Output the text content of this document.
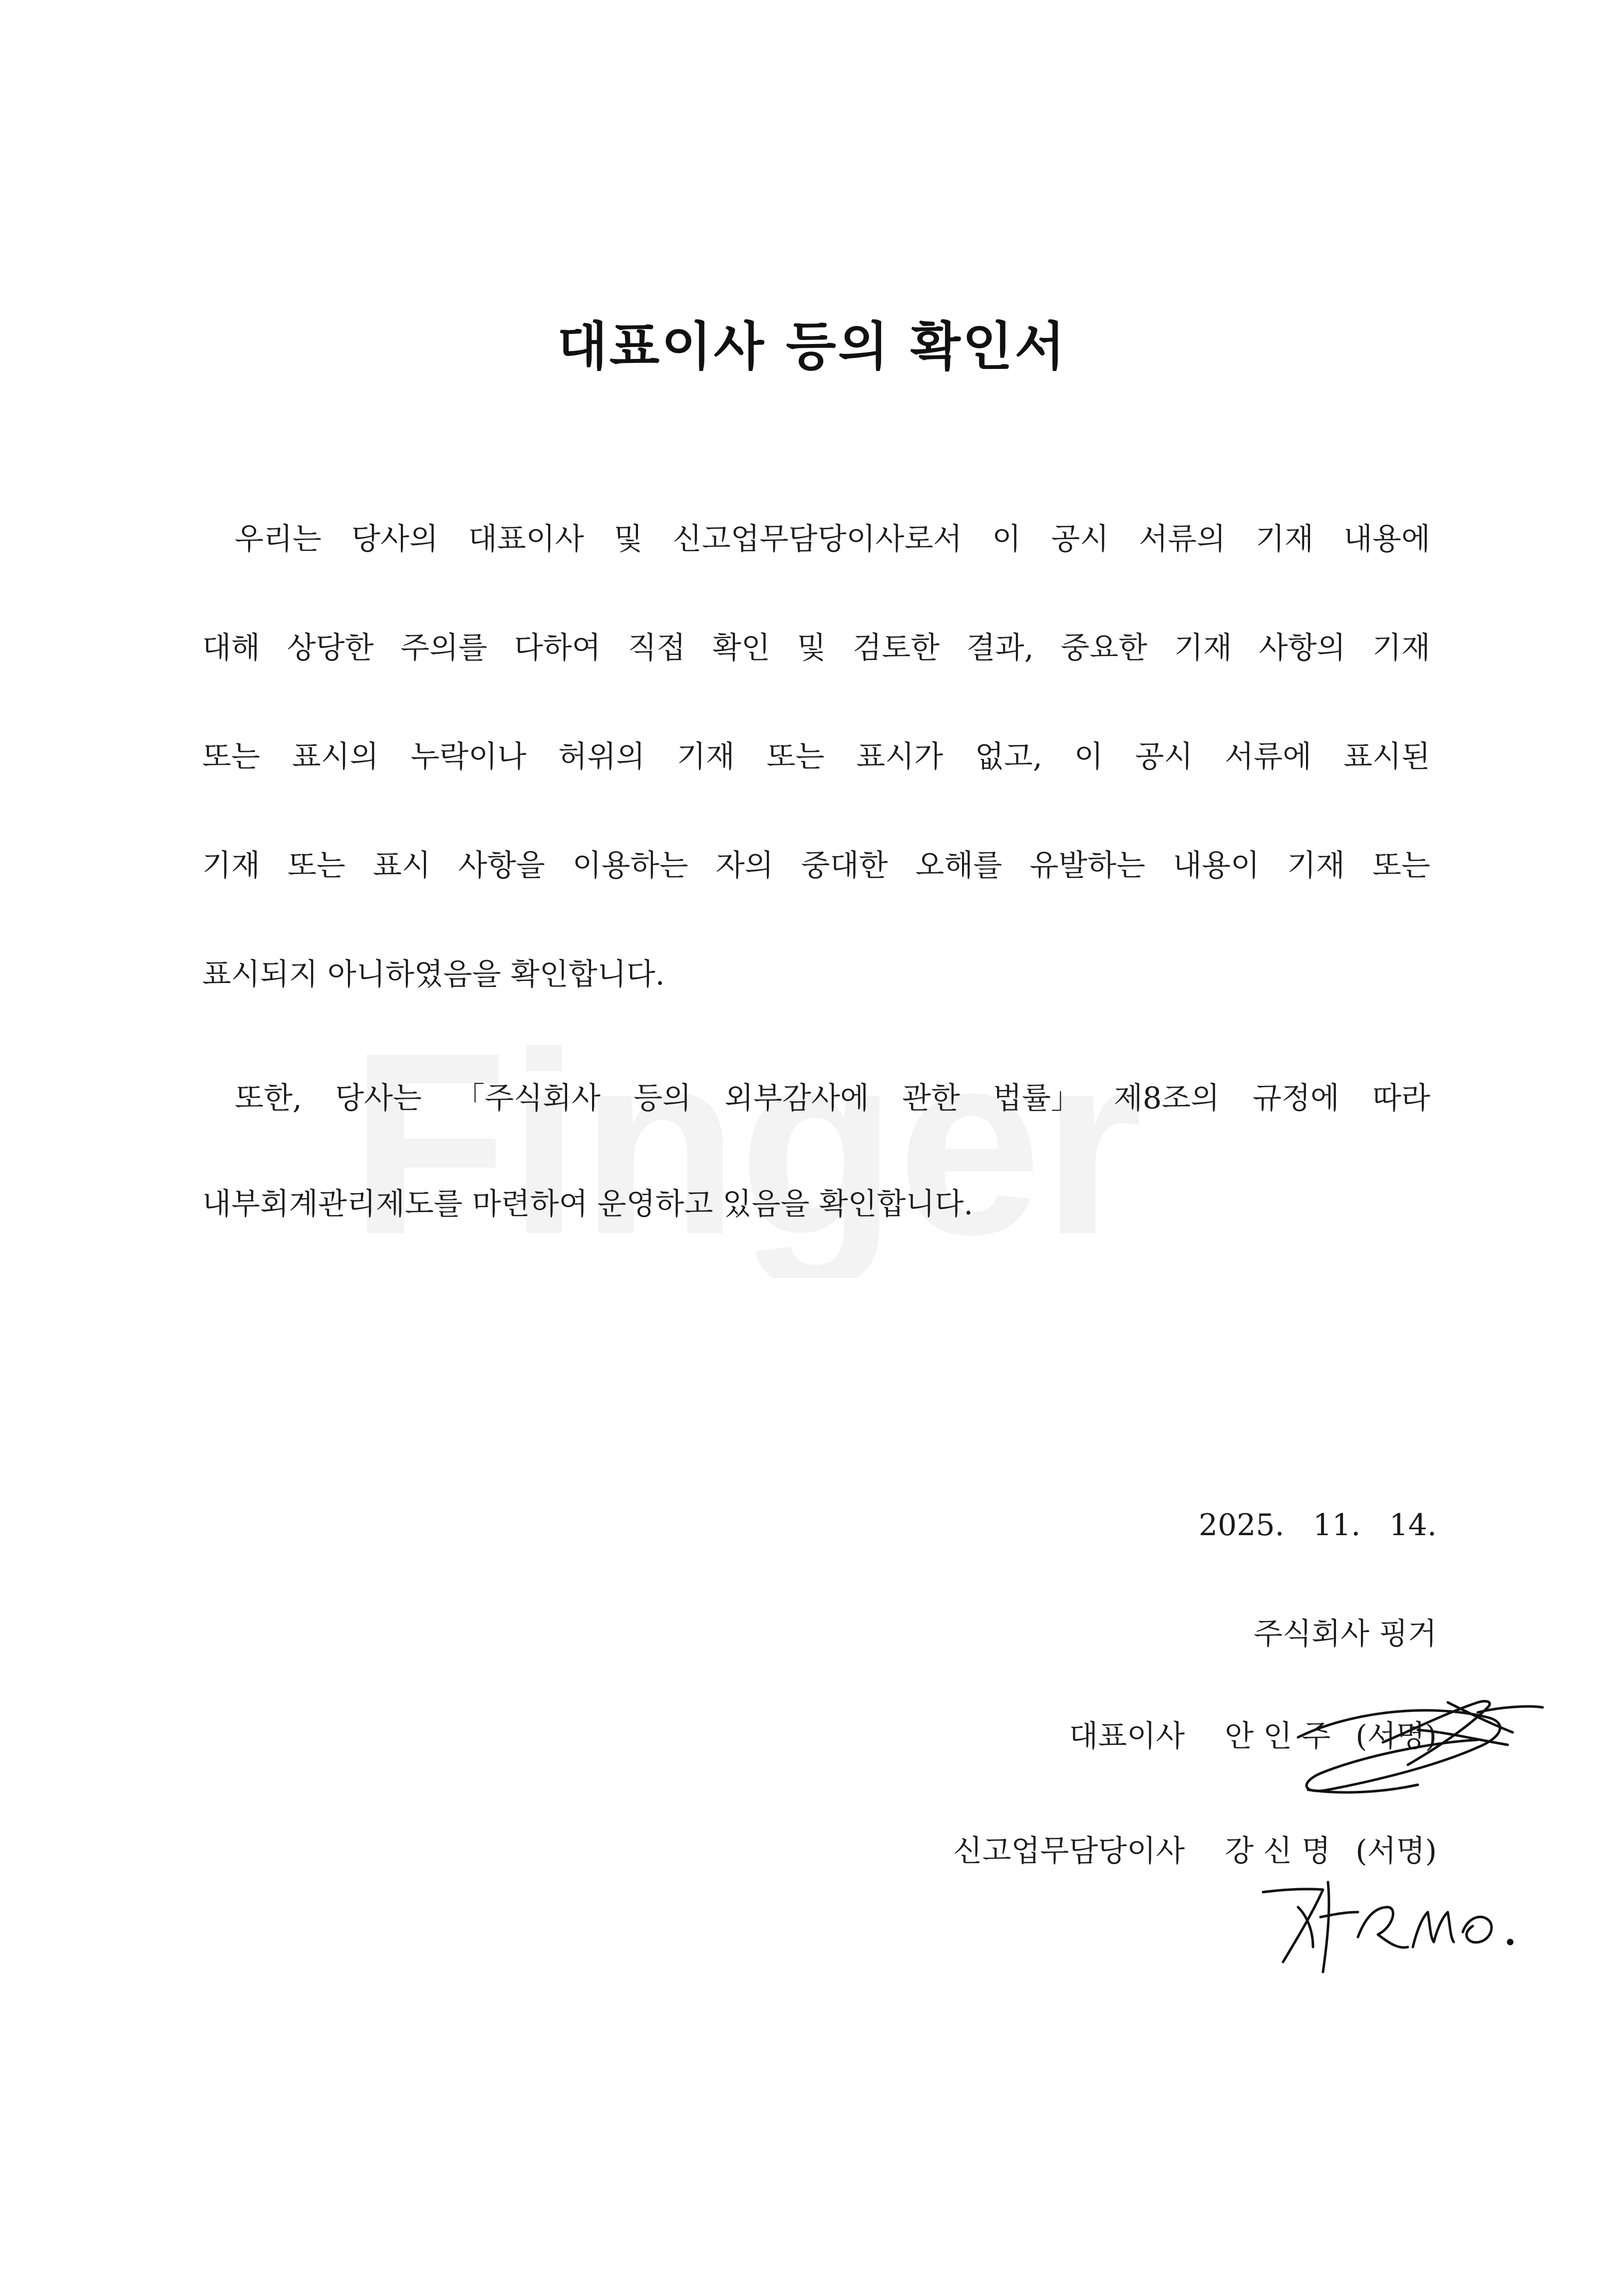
대표이사 등의 확인서
우리는 당사의 대표이사 및 신고업무담당이사로서 이 공시 서류의 기재 내용에
대해 상당한 주의를 다하여 직접 확인 및 검토한 결과, 중요한 기재 사항의 기재
또는 표시의 누락이나 허위의 기재 또는 표시가 없고, 이 공시 서류에 표시된
기재 또는 표시 사항을 이용하는 자의 중대한 오해를 유발하는 내용이 기재 또는
표시되지 아니하였음을 확인합니다.
또한, 당사는 「주식회사 등의 외부감사에 관한 법률」 제8조의 규정에 따라
내부회계관리제도를 마련하여 운영하고 있음을 확인합니다.
2025.   11.   14.
주식회사 핑거
대표이사 안 인 주 (서명)
신고업무담당이사 강 신 명 (서명)
